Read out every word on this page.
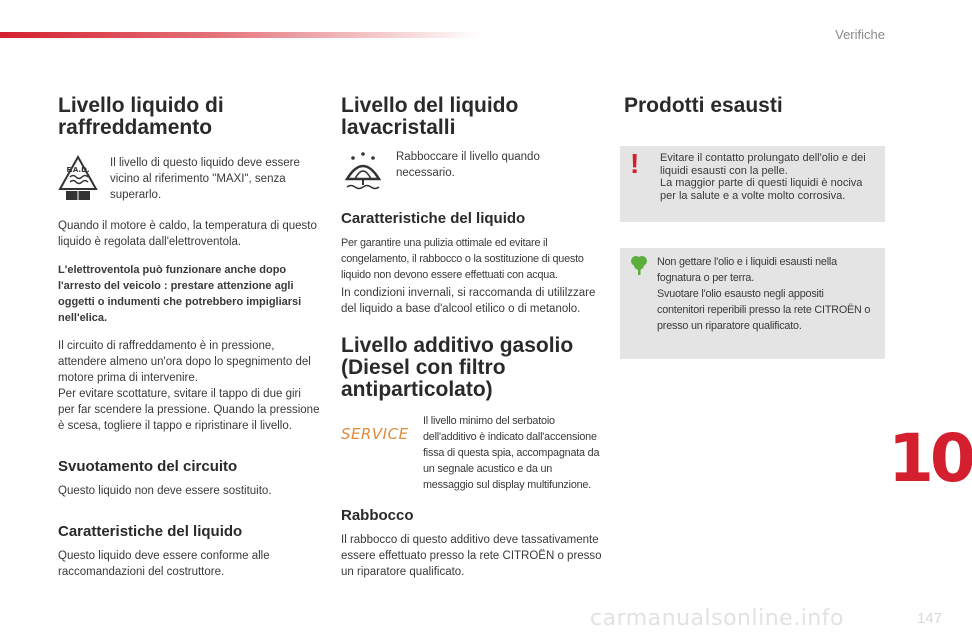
Verifiche
Livello liquido di raffreddamento
F.A.D.

Il livello di questo liquido deve essere vicino al riferimento "MAXI", senza superarlo.

Quando il motore è caldo, la temperatura di questo liquido è regolata dall'elettroventola.

L'elettroventola può funzionare anche dopo l'arresto del veicolo : prestare attenzione agli oggetti o indumenti che potrebbero impigliarsi nell'elica.

Il circuito di raffreddamento è in pressione, attendere almeno un'ora dopo lo spegnimento del motore prima di intervenire.
Per evitare scottature, svitare il tappo di due giri per far scendere la pressione. Quando la pressione è scesa, togliere il tappo e ripristinare il livello.

Svuotamento del circuito

Questo liquido non deve essere sostituito.

Caratteristiche del liquido

Questo liquido deve essere conforme alle raccomandazioni del costruttore.

Livello del liquido lavacristalli

Rabboccare il livello quando necessario.

Caratteristiche del liquido

Per garantire una pulizia ottimale ed evitare il congelamento, il rabbocco o la sostituzione di questo liquido non devono essere effettuati con acqua.

In condizioni invernali, si raccomanda di utililzzare del liquido a base d'alcool etilico o di metanolo.

Livello additivo gasolio (Diesel con filtro antiparticolato)
SERVICE

Il livello minimo del serbatoio dell'additivo è indicato dall'accensione fissa di questa spia, accompagnata da un segnale acustico e da un messaggio sul display multifunzione.

Rabbocco

Il rabbocco di questo additivo deve tassativamente essere effettuato presso la rete CITROËN o presso un riparatore qualificato.

Prodotti esausti
! Evitare il contatto prolungato dell'olio e dei liquidi esausti con la pelle.
La maggior parte di questi liquidi è nociva per la salute e a volte molto corrosiva.

Non gettare l'olio e i liquidi esausti nella fognatura o per terra.

Svuotare l'olio esausto negli appositi contenitori reperibili presso la rete CITROËN o presso un riparatore qualificato.

10
carmanualsonline.info	147
